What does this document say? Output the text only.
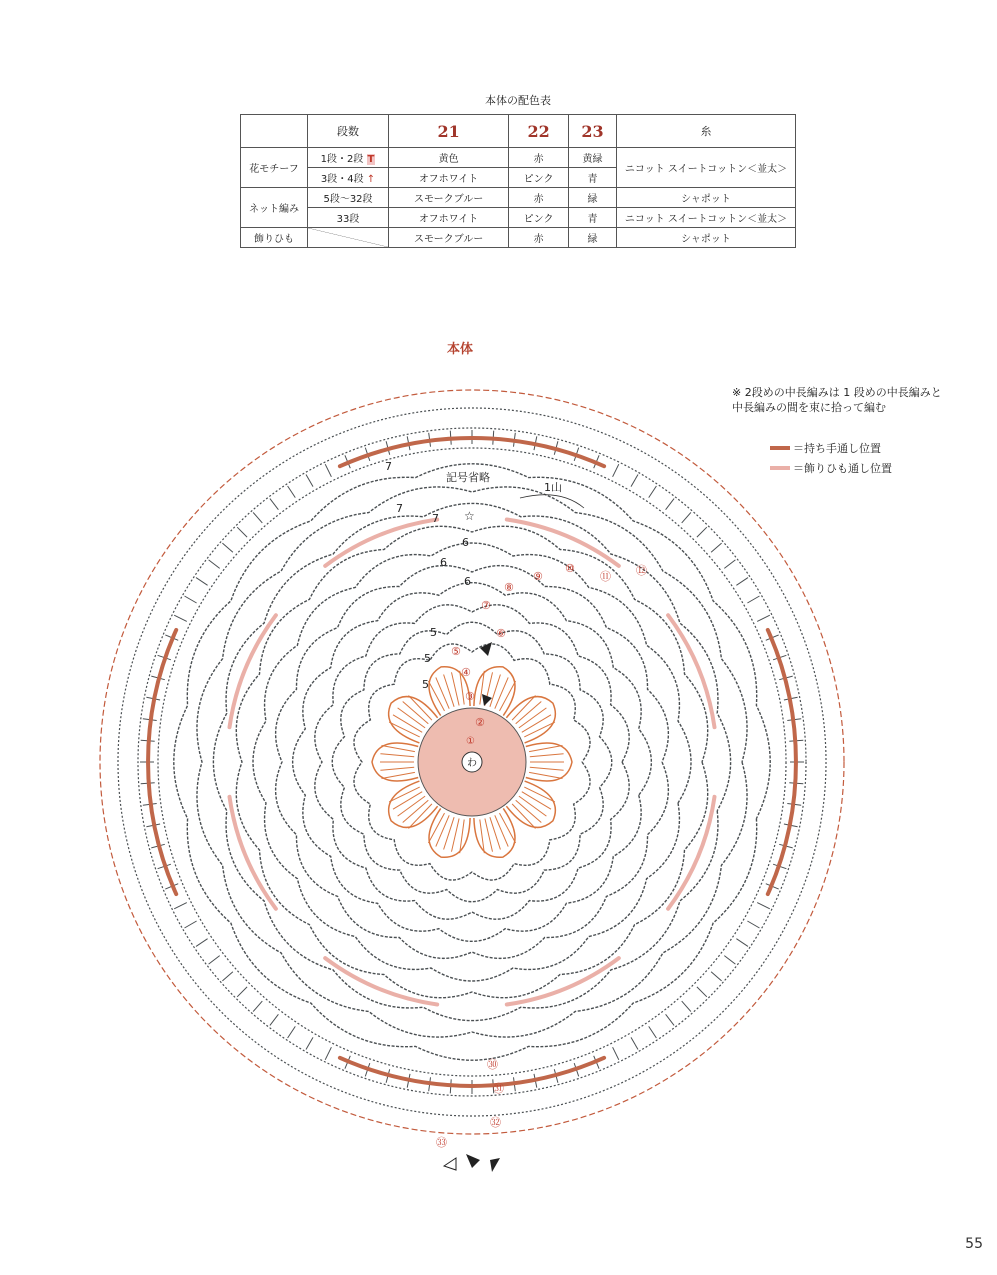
本体の配色表
	段数	21	22	23	糸
花モチーフ	1段・2段 T	黄色	赤	黄緑	ニコット スイートコットン＜並太＞
	3段・4段 ↑	オフホワイト	ピンク	青	
ネット編み	5段〜32段	スモークブルー	赤	緑	シャポット
	33段	オフホワイト	ピンク	青	ニコット スイートコットン＜並太＞
飾りひも		スモークブルー	赤	緑	シャポット
本体
※ 2段めの中長編みは 1 段めの中長編みと中長編みの間を束に拾って編む
＝持ち手通し位置
＝飾りひも通し位置
わ
記号省略
1山
☆
5
5
5
6
6
6
7
7
7
①
②
③
④
⑤
⑥
⑦
⑧
⑨
⑩
⑪ ⑫
㉚
㉛
㉜
㉝
55
